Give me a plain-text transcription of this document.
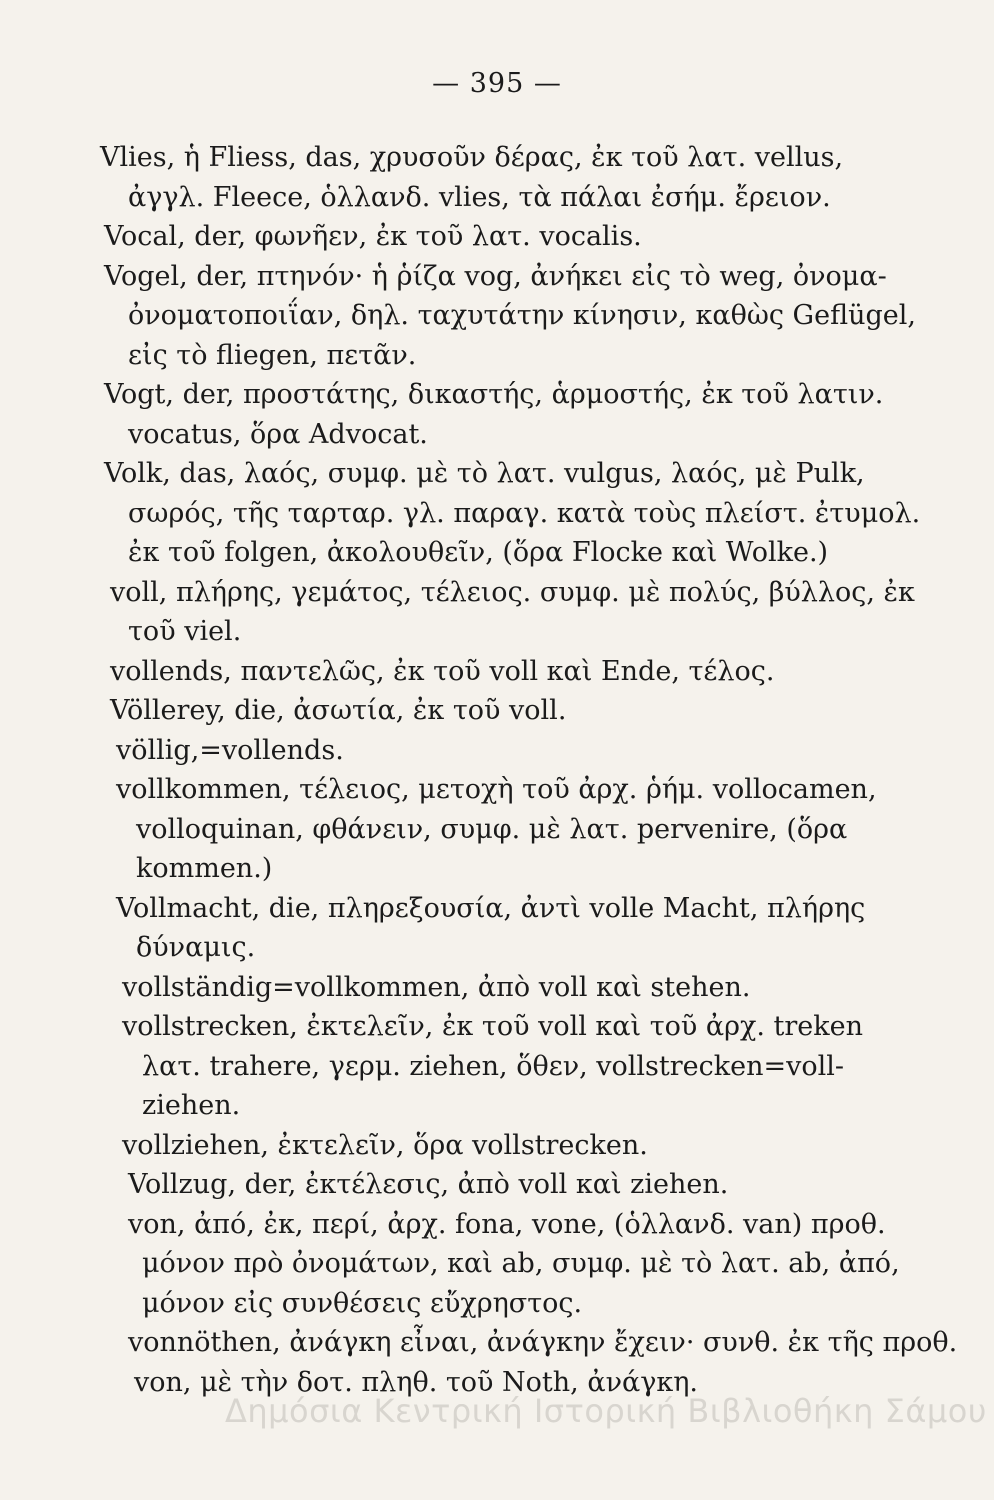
— 395 —
Vlies, ἡ Fliess, das, χρυσοῦν δέρας, ἐκ τοῦ λατ. vellus,
ἀγγλ. Fleece, ὁλλανδ. vlies, τὰ πάλαι ἐσήμ. ἔρειον.
Vocal, der, φωνῆεν, ἐκ τοῦ λατ. vocalis.
Vogel, der, πτηνόν· ἡ ῥίζα vog, ἀνήκει εἰς τὸ weg, ὀνομα-
ὀνοματοποιΐαν, δηλ. ταχυτάτην κίνησιν, καθὼς Geflügel,
εἰς τὸ fliegen, πετᾶν.
Vogt, der, προστάτης, δικαστής, ἁρμοστής, ἐκ τοῦ λατιν.
vocatus, ὅρα Advocat.
Volk, das, λαός, συμφ. μὲ τὸ λατ. vulgus, λαός, μὲ Pulk,
σωρός, τῆς ταρταρ. γλ. παραγ. κατὰ τοὺς πλείστ. ἐτυμολ.
ἐκ τοῦ folgen, ἀκολουθεῖν, (ὅρα Flocke καὶ Wolke.)
voll, πλήρης, γεμάτος, τέλειος. συμφ. μὲ πολύς, βύλλος, ἐκ
τοῦ viel.
vollends, παντελῶς, ἐκ τοῦ voll καὶ Ende, τέλος.
Völlerey, die, ἀσωτία, ἐκ τοῦ voll.
völlig,=vollends.
vollkommen, τέλειος, μετοχὴ τοῦ ἀρχ. ῥήμ. vollocamen,
volloquinan, φθάνειν, συμφ. μὲ λατ. pervenire, (ὅρα
kommen.)
Vollmacht, die, πληρεξουσία, ἀντὶ volle Macht, πλήρης
δύναμις.
vollständig=vollkommen, ἀπὸ voll καὶ stehen.
vollstrecken, ἐκτελεῖν, ἐκ τοῦ voll καὶ τοῦ ἀρχ. treken
λατ. trahere, γερμ. ziehen, ὅθεν, vollstrecken=voll-
ziehen.
vollziehen, ἐκτελεῖν, ὅρα vollstrecken.
Vollzug, der, ἐκτέλεσις, ἀπὸ voll καὶ ziehen.
von, ἀπό, ἐκ, περί, ἀρχ. fona, vone, (ὁλλανδ. van) προθ.
μόνον πρὸ ὀνομάτων, καὶ ab, συμφ. μὲ τὸ λατ. ab, ἀπό,
μόνον εἰς συνθέσεις εὔχρηστος.
vonnöthen, ἀνάγκη εἶναι, ἀνάγκην ἔχειν· συνθ. ἐκ τῆς προθ.
von, μὲ τὴν δοτ. πληθ. τοῦ Noth, ἀνάγκη.
Δημόσια Κεντρική Ιστορική Βιβλιοθήκη Σάμου
